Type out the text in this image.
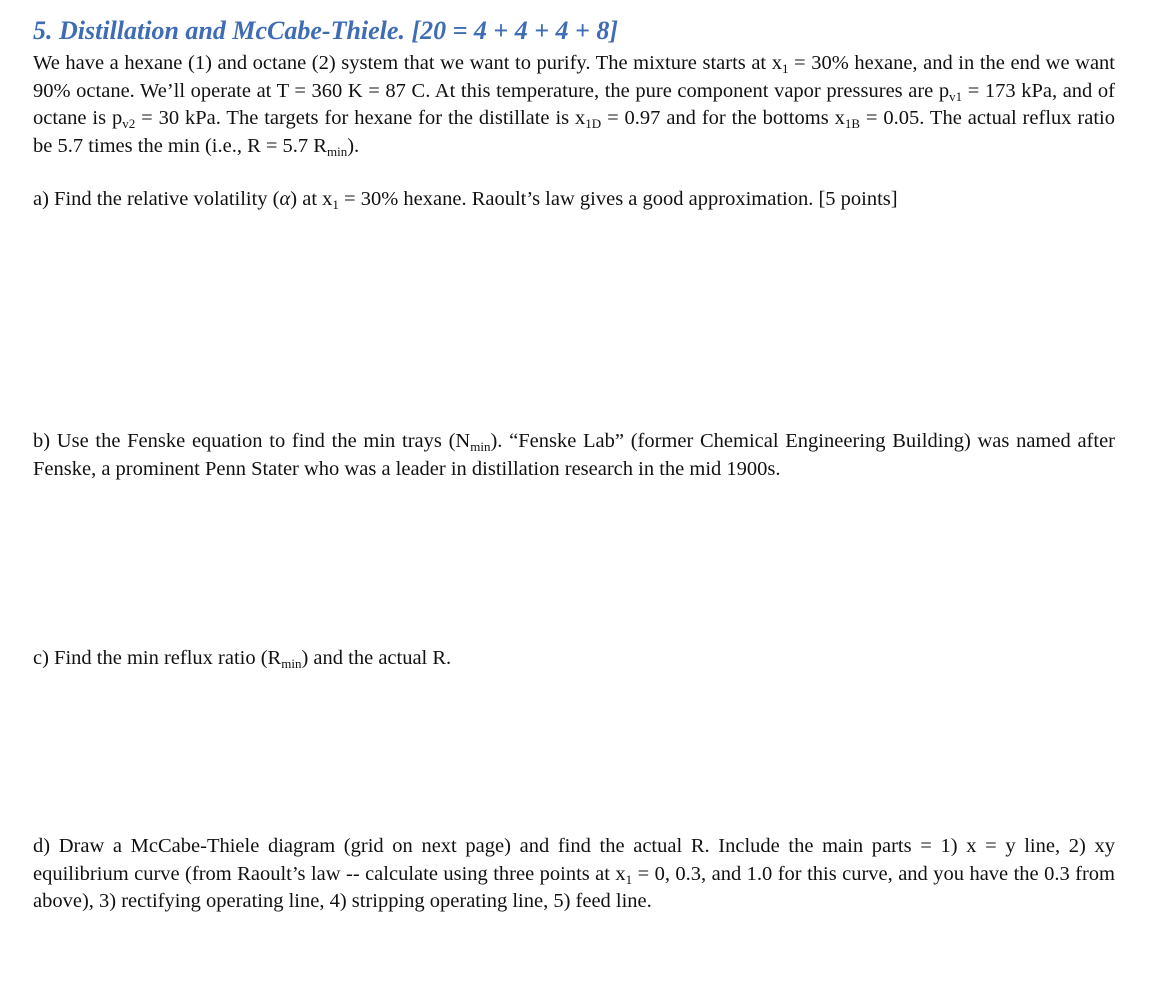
5. Distillation and McCabe-Thiele. [20 = 4 + 4 + 4 + 8]
We have a hexane (1) and octane (2) system that we want to purify. The mixture starts at $x_1 = 30\%$ hexane, and in the end we want 90% octane. We’ll operate at T = 360 K = 87 C. At this temperature, the pure component vapor pressures are $p_{v1} = 173$ kPa, and of octane is $p_{v2} = 30$ kPa. The targets for hexane for the distillate is $x_{1D} = 0.97$ and for the bottoms $x_{1B} = 0.05$. The actual reflux ratio be 5.7 times the min (i.e., R = 5.7 $R_{min}$).
a) Find the relative volatility (α) at $x_1 = 30\%$ hexane. Raoult’s law gives a good approximation. [5 points]
b) Use the Fenske equation to find the min trays $(N_{min})$. “Fenske Lab” (former Chemical Engineering Building) was named after Fenske, a prominent Penn Stater who was a leader in distillation research in the mid 1900s.
c) Find the min reflux ratio $(R_{min})$ and the actual R.
d) Draw a McCabe-Thiele diagram (grid on next page) and find the actual R. Include the main parts = 1) x = y line, 2) xy equilibrium curve (from Raoult’s law -- calculate using three points at $x_1 = 0$, 0.3, and 1.0 for this curve, and you have the 0.3 from above), 3) rectifying operating line, 4) stripping operating line, 5) feed line.
